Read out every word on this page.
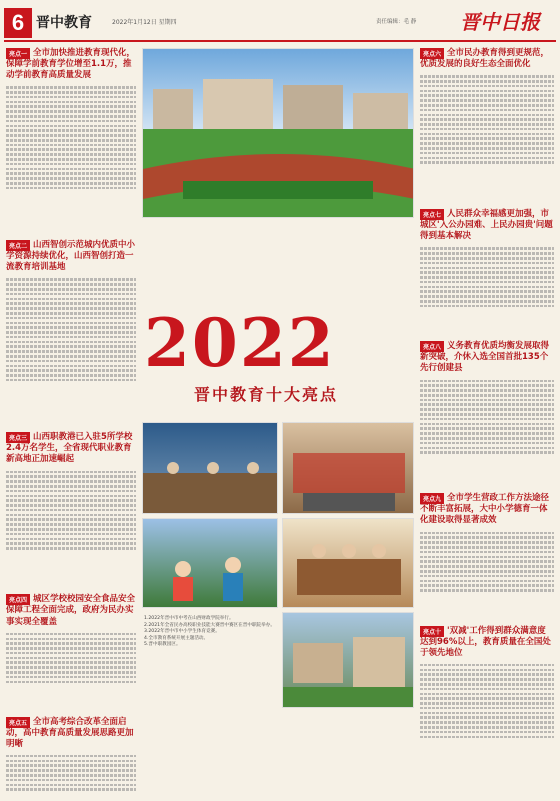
6 晋中教育	2022年1月12日 星期四	责任编辑：毛 静 晋中日报
亮点一 全市加快推进教育现代化，保障学前教育学位增至1.1万，推动学前教育高质量发展
亮点二 山西智创示范城内优质中小学资源持续优化，山西智创打造一流教育培训基地
亮点三 山西职教港已入驻5所学校2.4万名学生，全省现代职业教育新高地正加速崛起
亮点四 城区学校校园安全食品安全保障工程全面完成，政府为民办实事实现全覆盖
亮点五 全市高考综合改革全面启动，高中教育高质量发展思路更加明晰
2022
晋中教育十大亮点
亮点六 全市民办教育得到更规范，优质发展的良好生态全面优化
亮点七 人民群众幸福感更加强，市城区'入公办园难、上民办园贵'问题得到基本解决
亮点八 义务教育优质均衡发展取得新突破，介休入选全国首批135个先行创建县
亮点九 全市学生营政工作方法途径不断丰富拓展，大中小学德育一体化建设取得显著成效
亮点十 '双减'工作得到群众满意度达到96%以上，教育质量在全国处于领先地位
1.2022年晋中市中考在山西财政学院举行。
2.2021年全省民办高校职业技能大赛晋中赛区在晋中职院举办。
3.2022年晋中市中小学生体育竞赛。
4.全市教育系统开展主题活动。
5.晋中职教园区。
